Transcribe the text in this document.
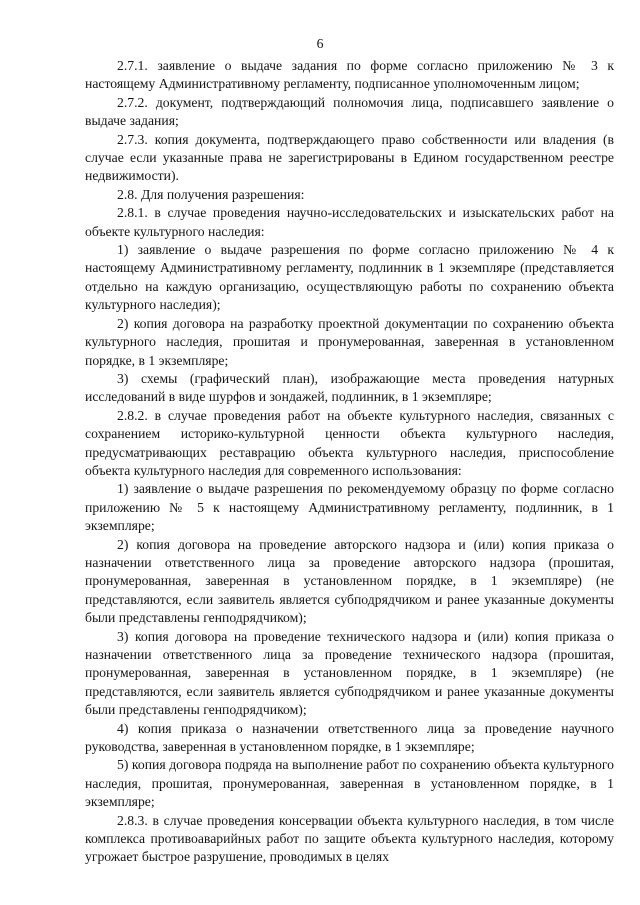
6

2.7.1. заявление о выдаче задания по форме согласно приложению № 3 к настоящему Административному регламенту, подписанное уполномоченным лицом;

2.7.2. документ, подтверждающий полномочия лица, подписавшего заявление о выдаче задания;

2.7.3. копия документа, подтверждающего право собственности или владения (в случае если указанные права не зарегистрированы в Едином государственном реестре недвижимости).

2.8. Для получения разрешения:

2.8.1. в случае проведения научно-исследовательских и изыскательских работ на объекте культурного наследия:

1) заявление о выдаче разрешения по форме согласно приложению № 4 к настоящему Административному регламенту, подлинник в 1 экземпляре (представляется отдельно на каждую организацию, осуществляющую работы по сохранению объекта культурного наследия);

2) копия договора на разработку проектной документации по сохранению объекта культурного наследия, прошитая и пронумерованная, заверенная в установленном порядке, в 1 экземпляре;

3) схемы (графический план), изображающие места проведения натурных исследований в виде шурфов и зондажей, подлинник, в 1 экземпляре;

2.8.2. в случае проведения работ на объекте культурного наследия, связанных с сохранением историко-культурной ценности объекта культурного наследия, предусматривающих реставрацию объекта культурного наследия, приспособление объекта культурного наследия для современного использования:

1) заявление о выдаче разрешения по рекомендуемому образцу по форме согласно приложению № 5 к настоящему Административному регламенту, подлинник, в 1 экземпляре;

2) копия договора на проведение авторского надзора и (или) копия приказа о назначении ответственного лица за проведение авторского надзора (прошитая, пронумерованная, заверенная в установленном порядке, в 1 экземпляре) (не представляются, если заявитель является субподрядчиком и ранее указанные документы были представлены генподрядчиком);

3) копия договора на проведение технического надзора и (или) копия приказа о назначении ответственного лица за проведение технического надзора (прошитая, пронумерованная, заверенная в установленном порядке, в 1 экземпляре) (не представляются, если заявитель является субподрядчиком и ранее указанные документы были представлены генподрядчиком);

4) копия приказа о назначении ответственного лица за проведение научного руководства, заверенная в установленном порядке, в 1 экземпляре;

5) копия договора подряда на выполнение работ по сохранению объекта культурного наследия, прошитая, пронумерованная, заверенная в установленном порядке, в 1 экземпляре;

2.8.3. в случае проведения консервации объекта культурного наследия, в том числе комплекса противоаварийных работ по защите объекта культурного наследия, которому угрожает быстрое разрушение, проводимых в целях
